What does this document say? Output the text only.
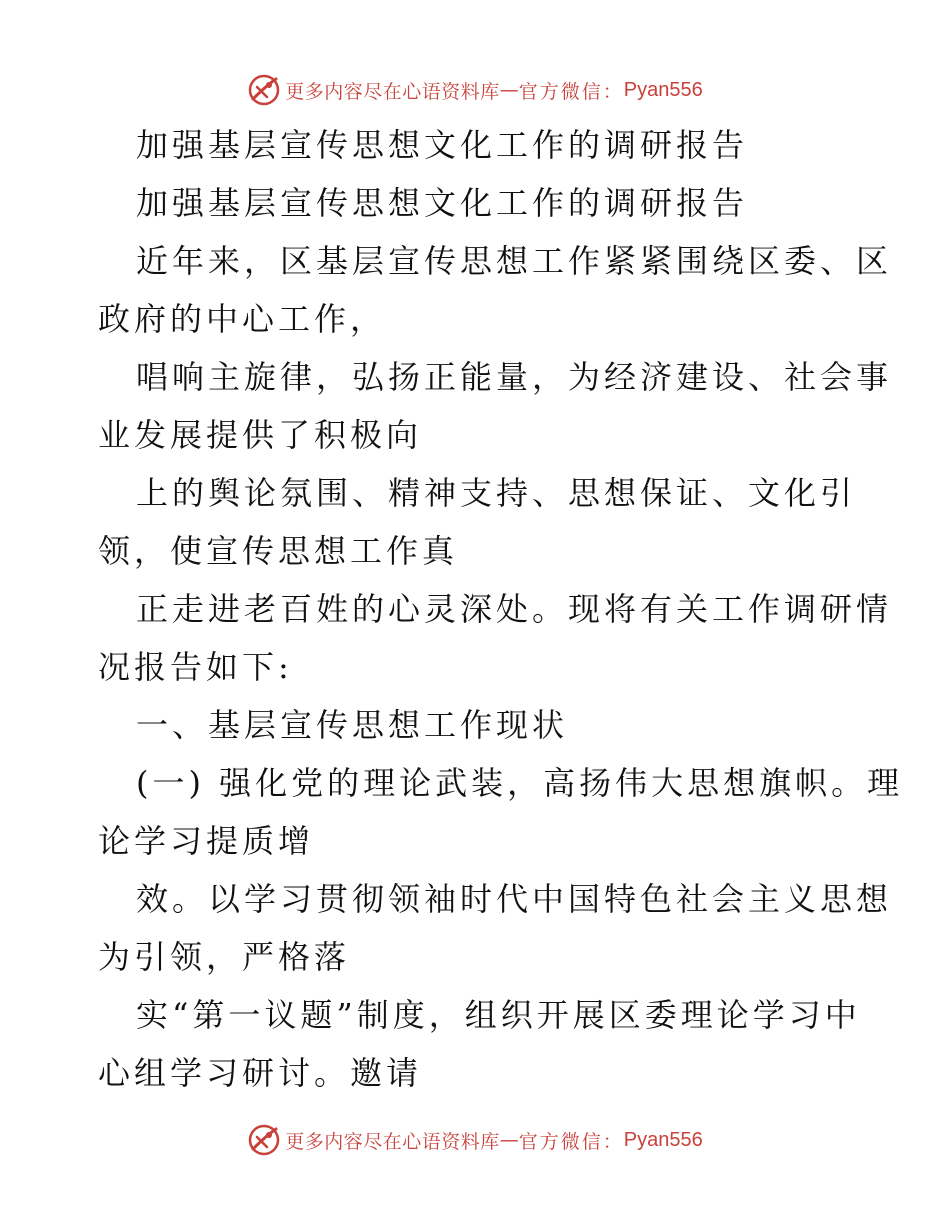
更多内容尽在心语资料库 — 官方微信： Pyan556
加强基层宣传思想文化工作的调研报告
加强基层宣传思想文化工作的调研报告
近年来，区基层宣传思想工作紧紧围绕区委、区
政府的中心工作，
唱响主旋律，弘扬正能量，为经济建设、社会事
业发展提供了积极向
上的舆论氛围、精神支持、思想保证、文化引
领，使宣传思想工作真
正走进老百姓的心灵深处。现将有关工作调研情
况报告如下:
一、基层宣传思想工作现状
(一) 强化党的理论武装，高扬伟大思想旗帜。理
论学习提质增
效。以学习贯彻领袖时代中国特色社会主义思想
为引领，严格落
实“第一议题”制度，组织开展区委理论学习中
心组学习研讨。邀请
更多内容尽在心语资料库 — 官方微信： Pyan556
